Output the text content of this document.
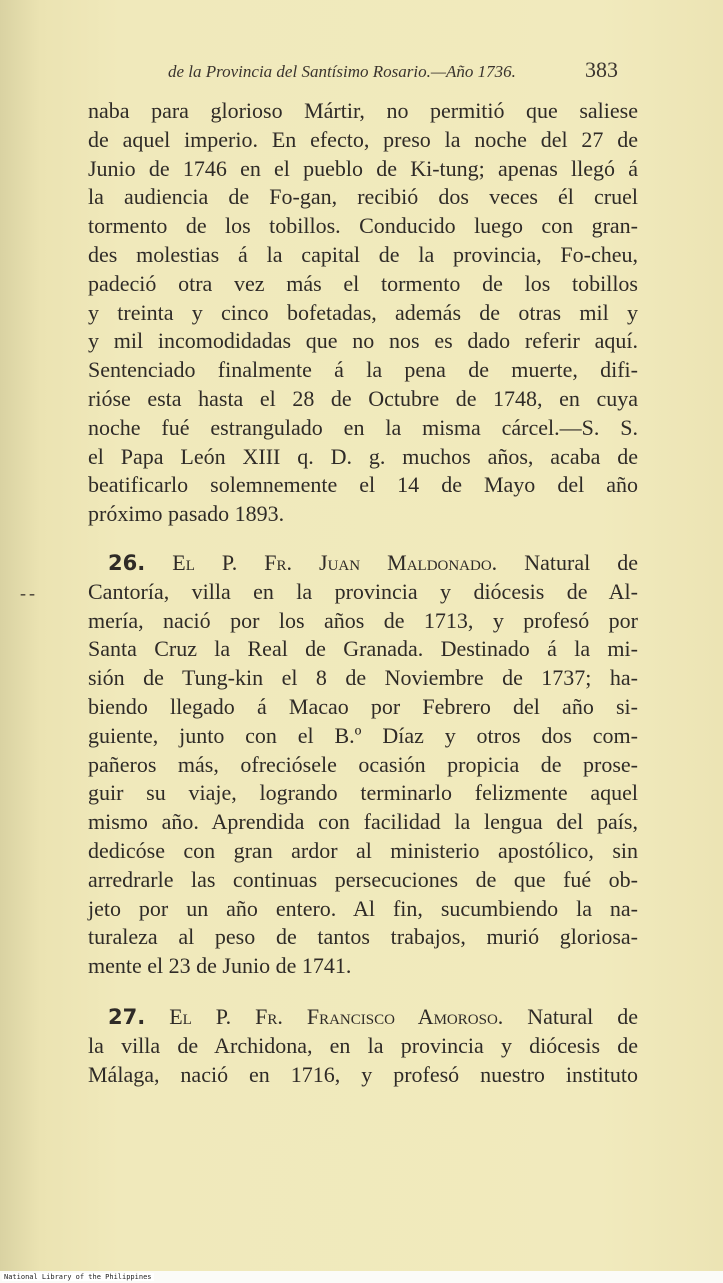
de la Provincia del Santísimo Rosario.—Año 1736.	383
--
naba para glorioso Mártir, no permitió que saliese
de aquel imperio. En efecto, preso la noche del 27 de
Junio de 1746 en el pueblo de Ki-tung; apenas llegó á
la audiencia de Fo-gan, recibió dos veces él cruel
tormento de los tobillos. Conducido luego con gran-
des molestias á la capital de la provincia, Fo-cheu,
padeció otra vez más el tormento de los tobillos
y treinta y cinco bofetadas, además de otras mil y
y mil incomodidadas que no nos es dado referir aquí.
Sentenciado finalmente á la pena de muerte, difi-
rióse esta hasta el 28 de Octubre de 1748, en cuya
noche fué estrangulado en la misma cárcel.—S. S.
el Papa León XIII q. D. g. muchos años, acaba de
beatificarlo solemnemente el 14 de Mayo del año
próximo pasado 1893.
26. El P. Fr. Juan Maldonado. Natural de
Cantoría, villa en la provincia y diócesis de Al-
mería, nació por los años de 1713, y profesó por
Santa Cruz la Real de Granada. Destinado á la mi-
sión de Tung-kin el 8 de Noviembre de 1737; ha-
biendo llegado á Macao por Febrero del año si-
guiente, junto con el B.º Díaz y otros dos com-
pañeros más, ofreciósele ocasión propicia de prose-
guir su viaje, logrando terminarlo felizmente aquel
mismo año. Aprendida con facilidad la lengua del país,
dedicóse con gran ardor al ministerio apostólico, sin
arredrarle las continuas persecuciones de que fué ob-
jeto por un año entero. Al fin, sucumbiendo la na-
turaleza al peso de tantos trabajos, murió gloriosa-
mente el 23 de Junio de 1741.
27. El P. Fr. Francisco Amoroso. Natural de
la villa de Archidona, en la provincia y diócesis de
Málaga, nació en 1716, y profesó nuestro instituto
National Library of the Philippines
